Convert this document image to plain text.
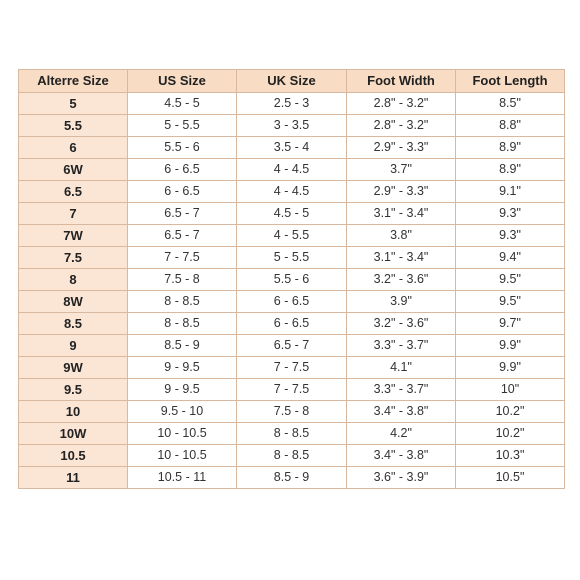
Alterre Size	US Size	UK Size	Foot Width	Foot Length
5	4.5 - 5	2.5 - 3	2.8" - 3.2"	8.5"
5.5	5 - 5.5	3 - 3.5	2.8" - 3.2"	8.8"
6	5.5 - 6	3.5 - 4	2.9" - 3.3"	8.9"
6W	6 - 6.5	4 - 4.5	3.7"	8.9"
6.5	6 - 6.5	4 - 4.5	2.9" - 3.3"	9.1"
7	6.5 - 7	4.5 - 5	3.1" - 3.4"	9.3"
7W	6.5 - 7	4 - 5.5	3.8"	9.3"
7.5	7 - 7.5	5 - 5.5	3.1" - 3.4"	9.4"
8	7.5 - 8	5.5 - 6	3.2" - 3.6"	9.5"
8W	8 - 8.5	6 - 6.5	3.9"	9.5"
8.5	8 - 8.5	6 - 6.5	3.2" - 3.6"	9.7"
9	8.5 - 9	6.5 - 7	3.3" - 3.7"	9.9"
9W	9 - 9.5	7 - 7.5	4.1"	9.9"
9.5	9 - 9.5	7 - 7.5	3.3" - 3.7"	10"
10	9.5 - 10	7.5 - 8	3.4" - 3.8"	10.2"
10W	10 - 10.5	8 - 8.5	4.2"	10.2"
10.5	10 - 10.5	8 - 8.5	3.4" - 3.8"	10.3"
11	10.5 - 11	8.5 - 9	3.6" - 3.9"	10.5"
